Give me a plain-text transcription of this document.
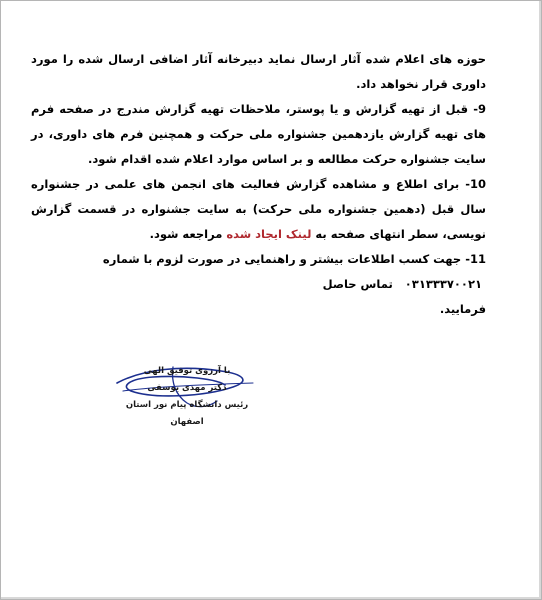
حوزه های اعلام شده آثار ارسال نماید دبیرخانه آثار اضافی ارسال شده را مورد داوری قرار نخواهد داد.

9- قبل از تهیه گزارش و یا پوستر، ملاحظات تهیه گزارش مندرج در صفحه فرم های تهیه گزارش یازدهمین جشنواره ملی حرکت و همچنین فرم های داوری، در سایت جشنواره حرکت مطالعه و بر اساس موارد اعلام شده اقدام شود.

10- برای اطلاع و مشاهده گزارش فعالیت های انجمن های علمی در جشنواره سال قبل (دهمین جشنواره ملی حرکت) به سایت جشنواره در قسمت گزارش نویسی، سطر انتهای صفحه به لینک ایجاد شده مراجعه شود.

11- جهت کسب اطلاعات بیشتر و راهنمایی در صورت لزوم با شماره
۰۳۱۳۳۳۷۰۰۲۱ تماس حاصل
فرمایید.

با آرزوی توفیق الهی
دکتر مهدی یوسفی
رئیس دانشگاه پیام نور استان اصفهان
